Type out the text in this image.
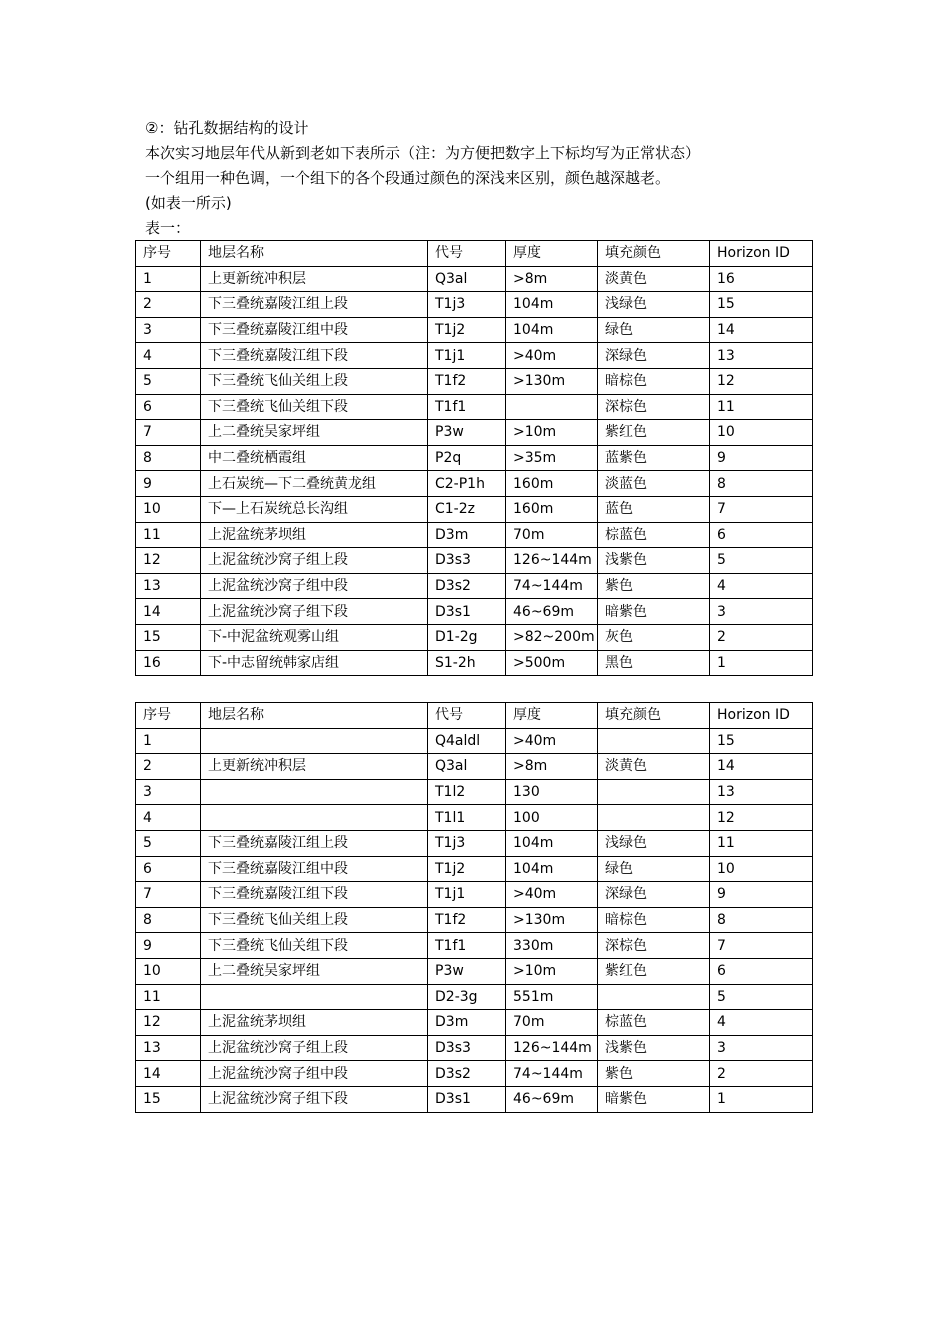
②：钻孔数据结构的设计

本次实习地层年代从新到老如下表所示（注：为方便把数字上下标均写为正常状态）

一个组用一种色调，一个组下的各个段通过颜色的深浅来区别，颜色越深越老。

(如表一所示)

表一：

序号	地层名称	代号	厚度	填充颜色	Horizon ID
1	上更新统冲积层	Q3al	>8m	淡黄色	16
2	下三叠统嘉陵江组上段	T1j3	104m	浅绿色	15
3	下三叠统嘉陵江组中段	T1j2	104m	绿色	14
4	下三叠统嘉陵江组下段	T1j1	>40m	深绿色	13
5	下三叠统飞仙关组上段	T1f2	>130m	暗棕色	12
6	下三叠统飞仙关组下段	T1f1		深棕色	11
7	上二叠统吴家坪组	P3w	>10m	紫红色	10
8	中二叠统栖霞组	P2q	>35m	蓝紫色	9
9	上石炭统—下二叠统黄龙组	C2-P1h	160m	淡蓝色	8
10	下—上石炭统总长沟组	C1-2z	160m	蓝色	7
11	上泥盆统茅坝组	D3m	70m	棕蓝色	6
12	上泥盆统沙窝子组上段	D3s3	126~144m	浅紫色	5
13	上泥盆统沙窝子组中段	D3s2	74~144m	紫色	4
14	上泥盆统沙窝子组下段	D3s1	46~69m	暗紫色	3
15	下-中泥盆统观雾山组	D1-2g	>82~200m	灰色	2
16	下-中志留统韩家店组	S1-2h	>500m	黑色	1
序号	地层名称	代号	厚度	填充颜色	Horizon ID
1		Q4aldl	>40m		15
2	上更新统冲积层	Q3al	>8m	淡黄色	14
3		T1l2	130		13
4		T1l1	100		12
5	下三叠统嘉陵江组上段	T1j3	104m	浅绿色	11
6	下三叠统嘉陵江组中段	T1j2	104m	绿色	10
7	下三叠统嘉陵江组下段	T1j1	>40m	深绿色	9
8	下三叠统飞仙关组上段	T1f2	>130m	暗棕色	8
9	下三叠统飞仙关组下段	T1f1	330m	深棕色	7
10	上二叠统吴家坪组	P3w	>10m	紫红色	6
11		D2-3g	551m		5
12	上泥盆统茅坝组	D3m	70m	棕蓝色	4
13	上泥盆统沙窝子组上段	D3s3	126~144m	浅紫色	3
14	上泥盆统沙窝子组中段	D3s2	74~144m	紫色	2
15	上泥盆统沙窝子组下段	D3s1	46~69m	暗紫色	1
